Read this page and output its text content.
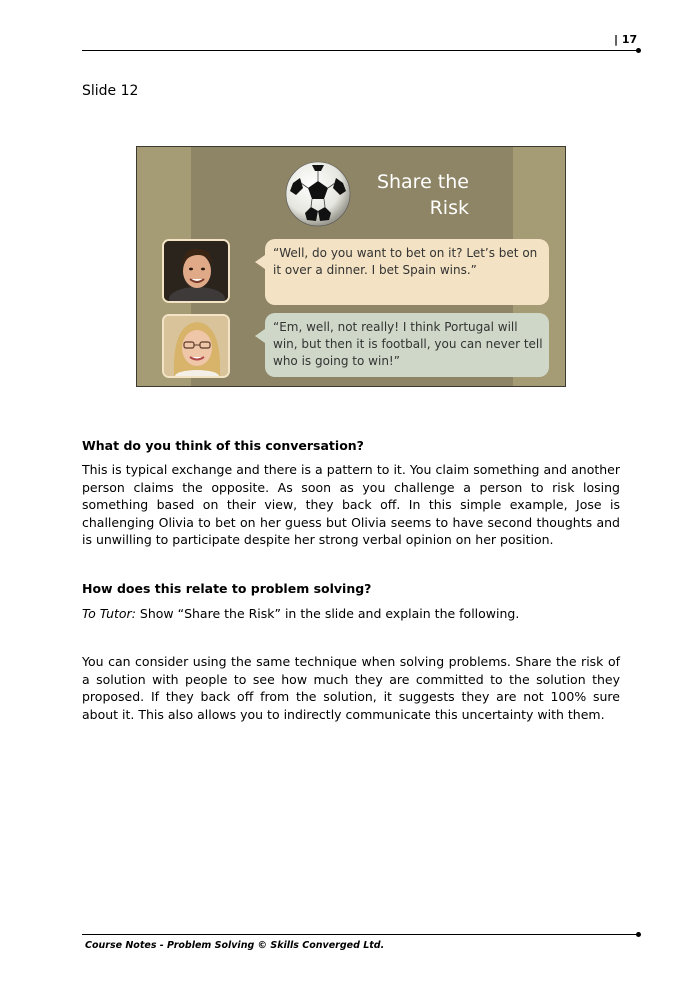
| 17
Slide 12
Share the
Risk
“Well, do you want to bet on it? Let’s bet on it over a dinner. I bet Spain wins.”
“Em, well, not really! I think Portugal will win, but then it is football, you can never tell who is going to win!”
What do you think of this conversation?
This is typical exchange and there is a pattern to it. You claim something and another person claims the opposite. As soon as you challenge a person to risk losing something based on their view, they back off. In this simple example, Jose is challenging Olivia to bet on her guess but Olivia seems to have second thoughts and is unwilling to participate despite her strong verbal opinion on her position.
How does this relate to problem solving?
To Tutor: Show “Share the Risk” in the slide and explain the following.
You can consider using the same technique when solving problems. Share the risk of a solution with people to see how much they are committed to the solution they proposed. If they back off from the solution, it suggests they are not 100% sure about it. This also allows you to indirectly communicate this uncertainty with them.
Course Notes - Problem Solving © Skills Converged Ltd.
